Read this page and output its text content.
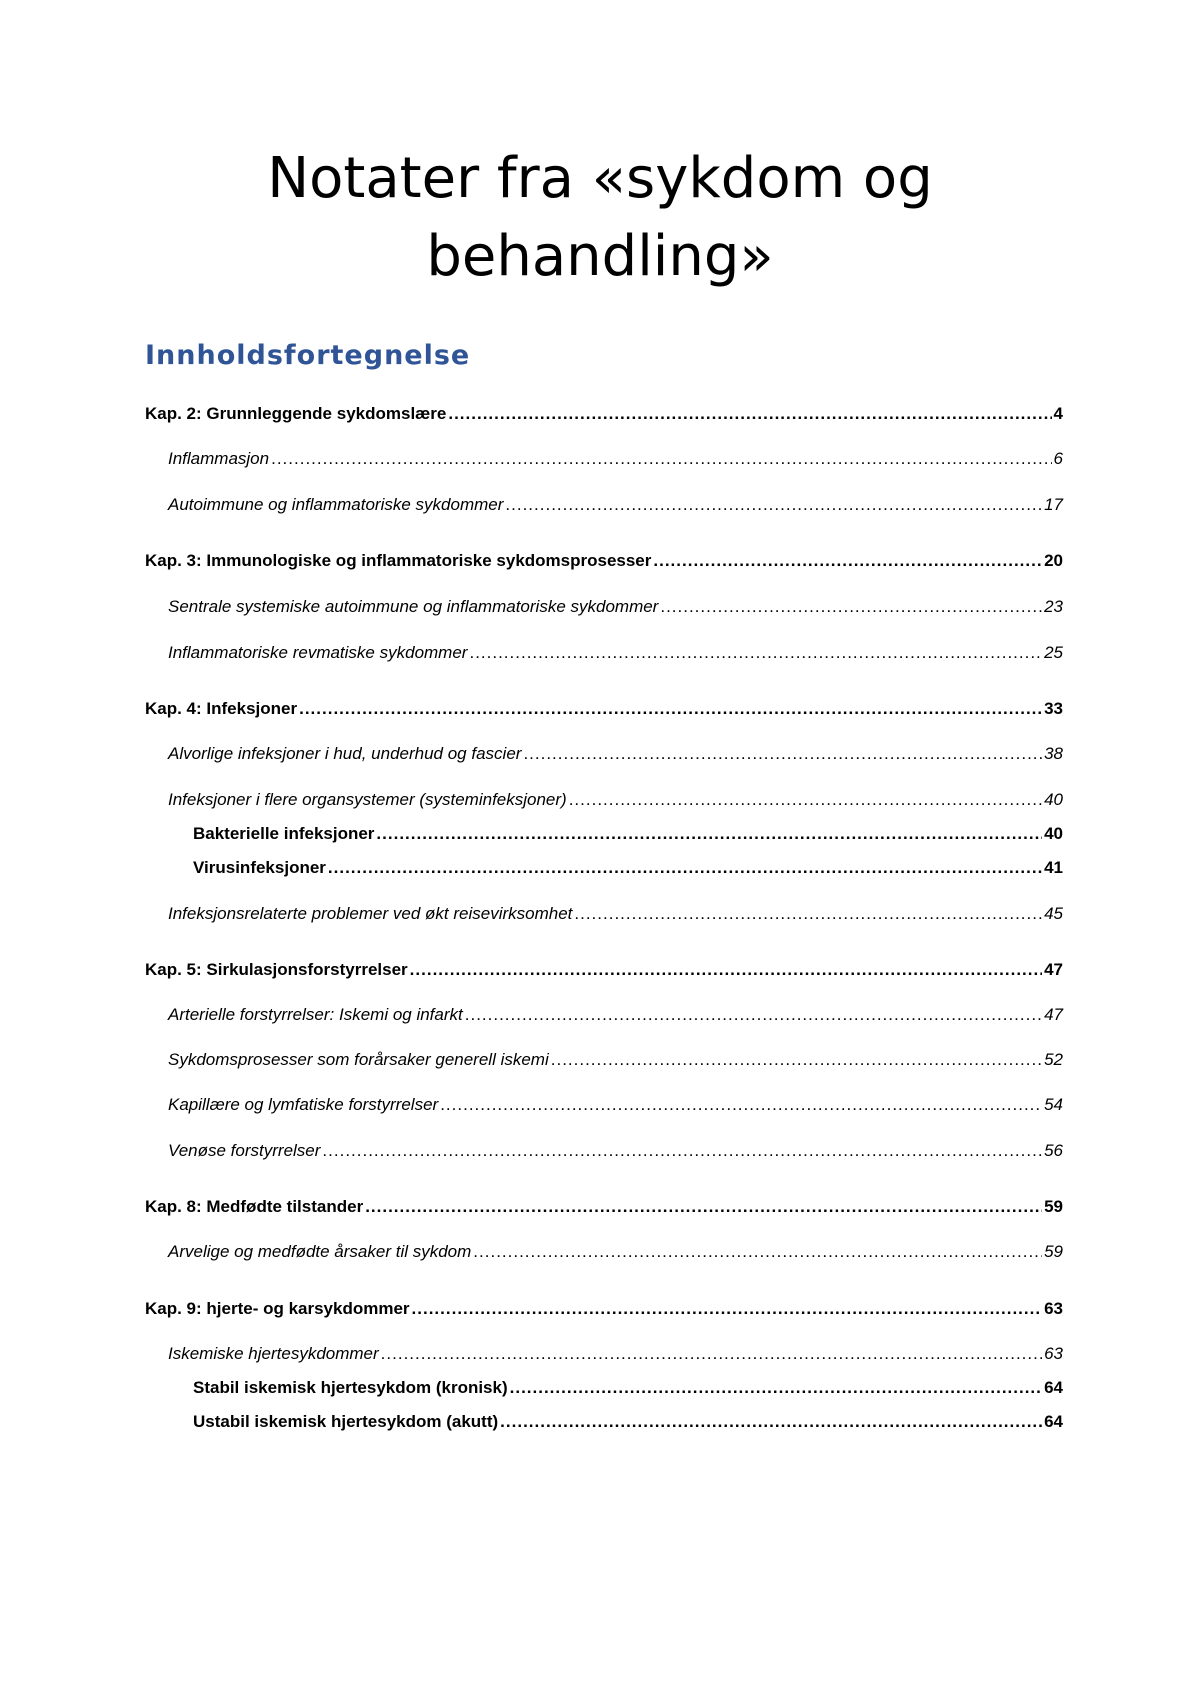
Notater fra «sykdom og
behandling»
Innholdsfortegnelse
Kap. 2: Grunnleggende sykdomslære .....	4
Inflammasjon .....	6
Autoimmune og inflammatoriske sykdommer .....	17
Kap. 3: Immunologiske og inflammatoriske sykdomsprosesser .....	20
Sentrale systemiske autoimmune og inflammatoriske sykdommer .....	23
Inflammatoriske revmatiske sykdommer .....	25
Kap. 4: Infeksjoner .....	33
Alvorlige infeksjoner i hud, underhud og fascier .....	38
Infeksjoner i flere organsystemer (systeminfeksjoner) .....	40
Bakterielle infeksjoner .....	40
Virusinfeksjoner .....	41
Infeksjonsrelaterte problemer ved økt reisevirksomhet .....	45
Kap. 5: Sirkulasjonsforstyrrelser .....	47
Arterielle forstyrrelser: Iskemi og infarkt .....	47
Sykdomsprosesser som forårsaker generell iskemi .....	52
Kapillære og lymfatiske forstyrrelser .....	54
Venøse forstyrrelser .....	56
Kap. 8: Medfødte tilstander .....	59
Arvelige og medfødte årsaker til sykdom .....	59
Kap. 9: hjerte- og karsykdommer .....	63
Iskemiske hjertesykdommer .....	63
Stabil iskemisk hjertesykdom (kronisk) .....	64
Ustabil iskemisk hjertesykdom (akutt) .....	64
